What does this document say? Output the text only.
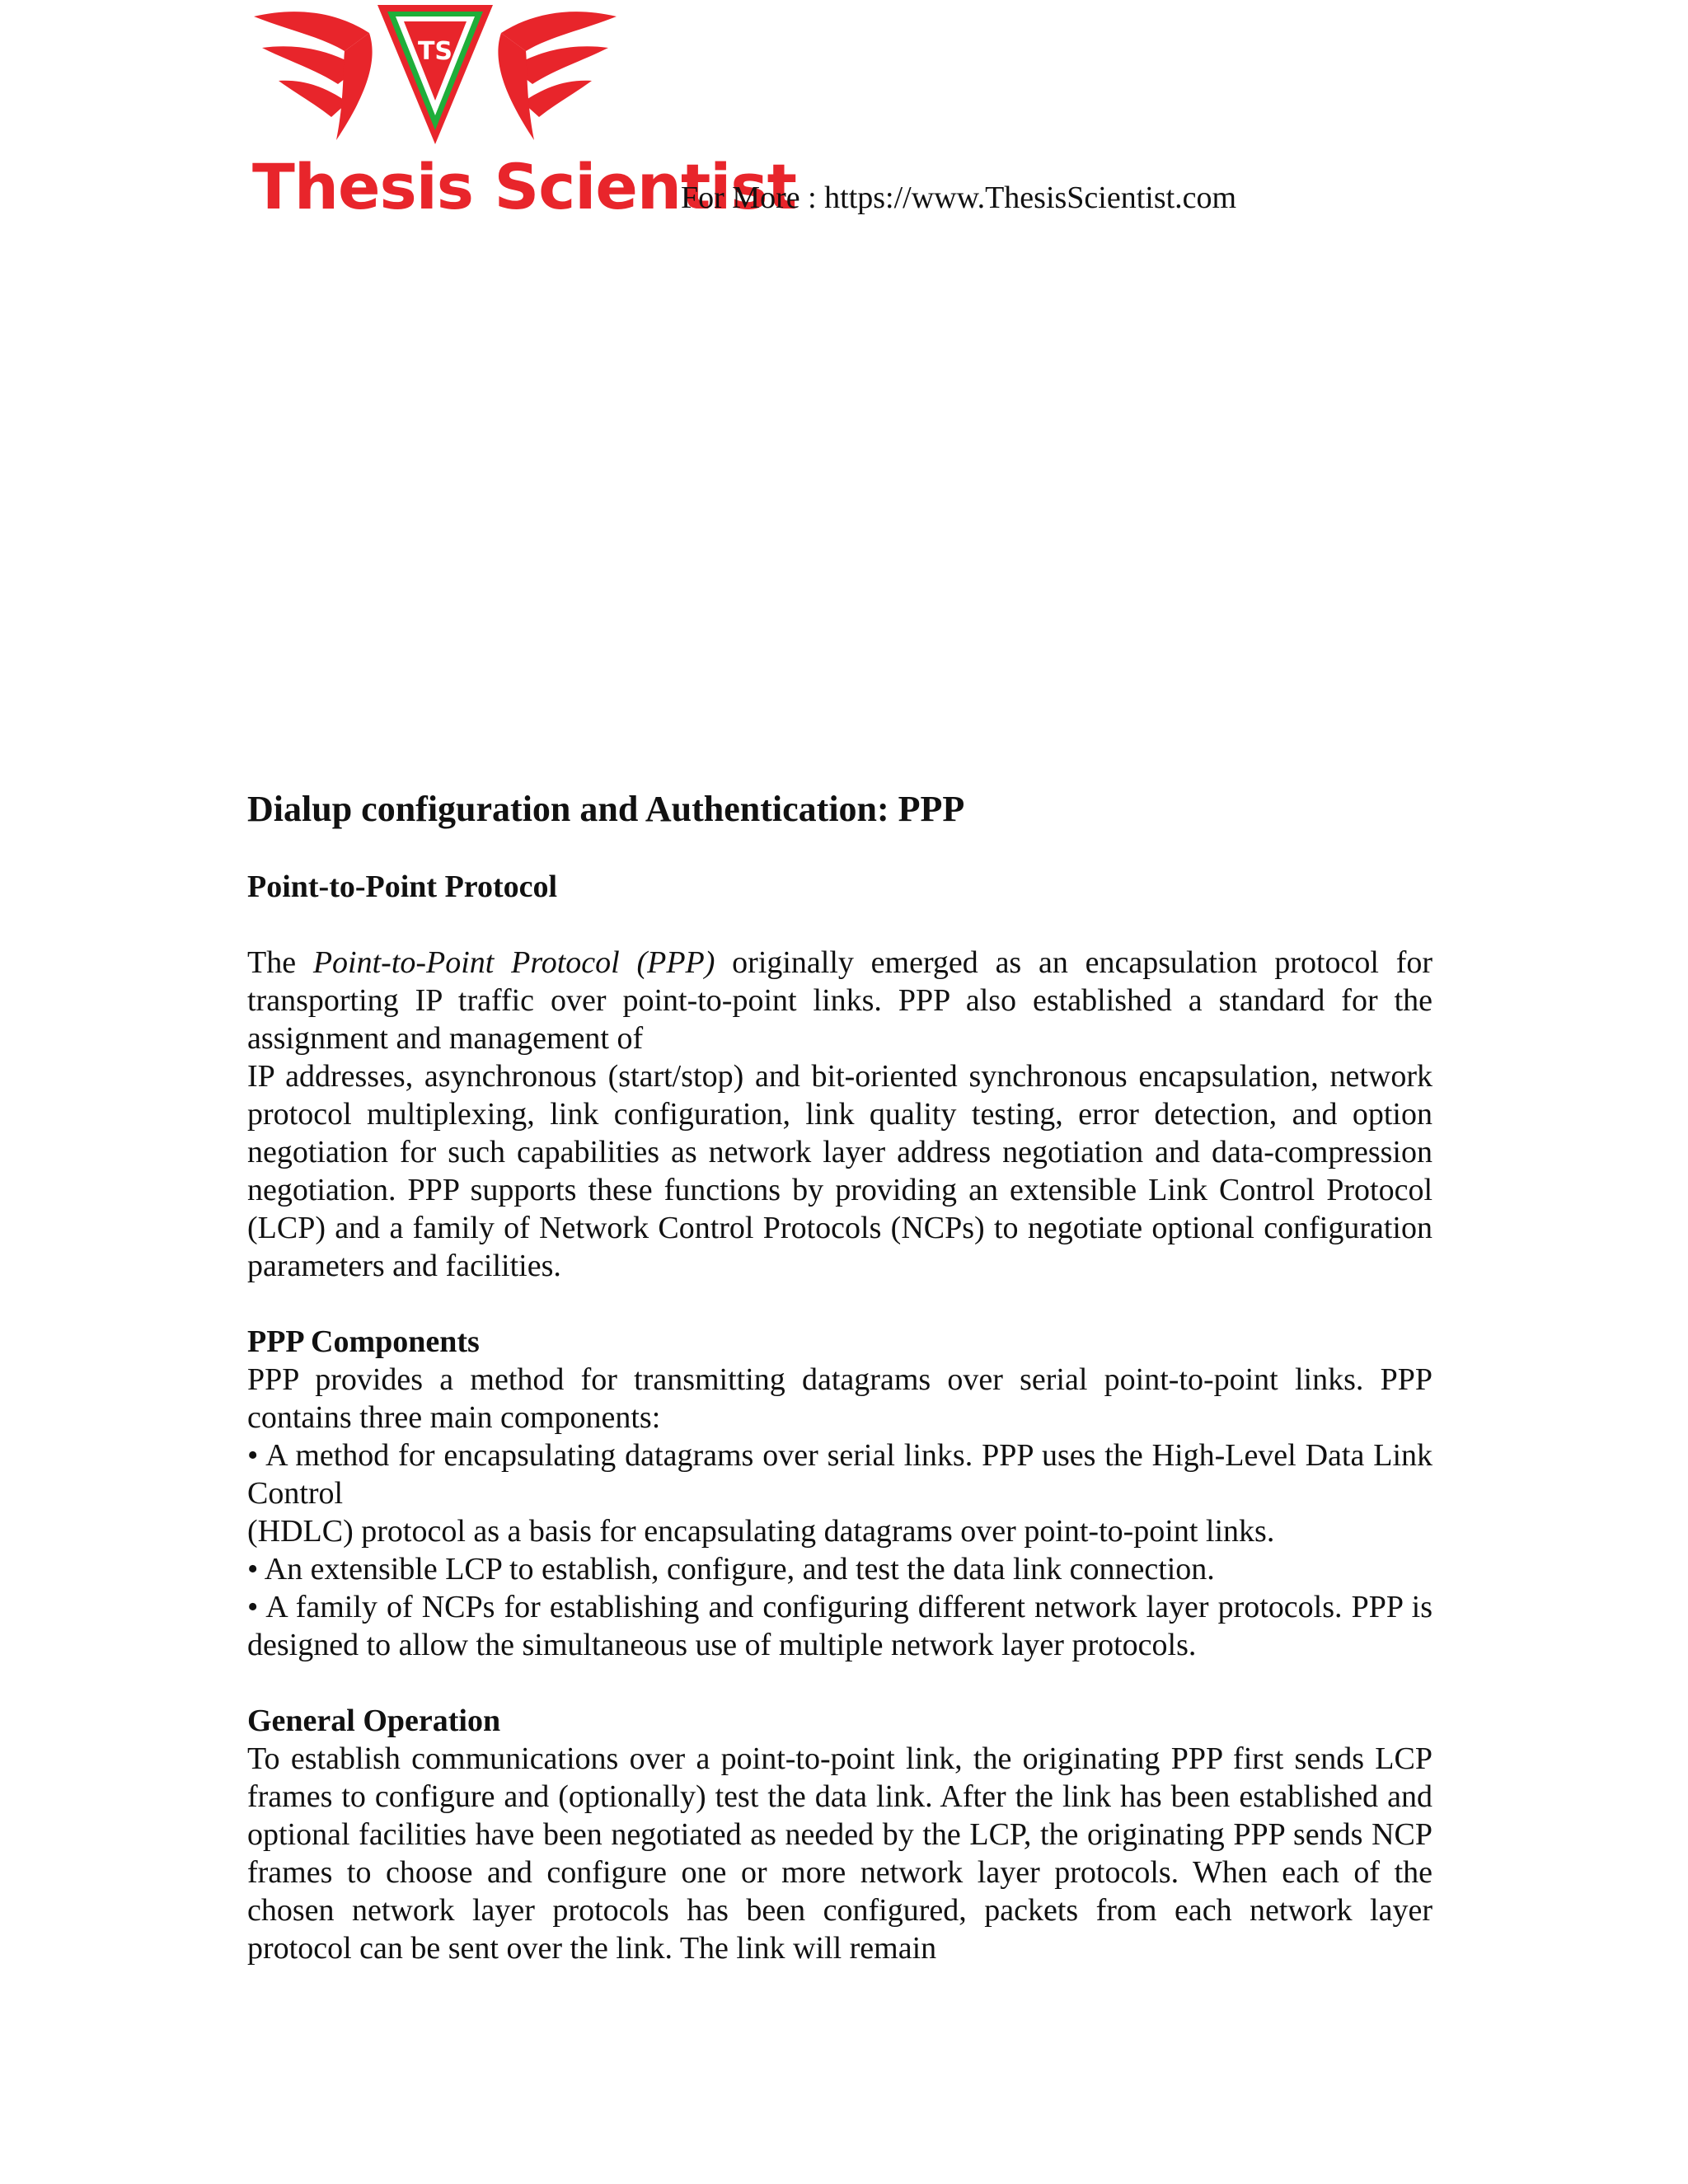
TS
Thesis Scientist
For More : https://www.ThesisScientist.com
Dialup configuration and Authentication: PPP
Point-to-Point Protocol

The Point-to-Point Protocol (PPP) originally emerged as an encapsulation protocol for transporting IP traffic over point-to-point links. PPP also established a standard for the assignment and management of

IP addresses, asynchronous (start/stop) and bit-oriented synchronous encapsulation, network protocol multiplexing, link configuration, link quality testing, error detection, and option negotiation for such capabilities as network layer address negotiation and data-compression negotiation. PPP supports these functions by providing an extensible Link Control Protocol (LCP) and a family of Network Control Protocols (NCPs) to negotiate optional configuration parameters and facilities.

PPP Components

PPP provides a method for transmitting datagrams over serial point-to-point links. PPP contains three main components:

• A method for encapsulating datagrams over serial links. PPP uses the High-Level Data Link Control

(HDLC) protocol as a basis for encapsulating datagrams over point-to-point links.

• An extensible LCP to establish, configure, and test the data link connection.

• A family of NCPs for establishing and configuring different network layer protocols. PPP is designed to allow the simultaneous use of multiple network layer protocols.

General Operation

To establish communications over a point-to-point link, the originating PPP first sends LCP frames to configure and (optionally) test the data link. After the link has been established and optional facilities have been negotiated as needed by the LCP, the originating PPP sends NCP frames to choose and configure one or more network layer protocols. When each of the chosen network layer protocols has been configured, packets from each network layer protocol can be sent over the link. The link will remain
